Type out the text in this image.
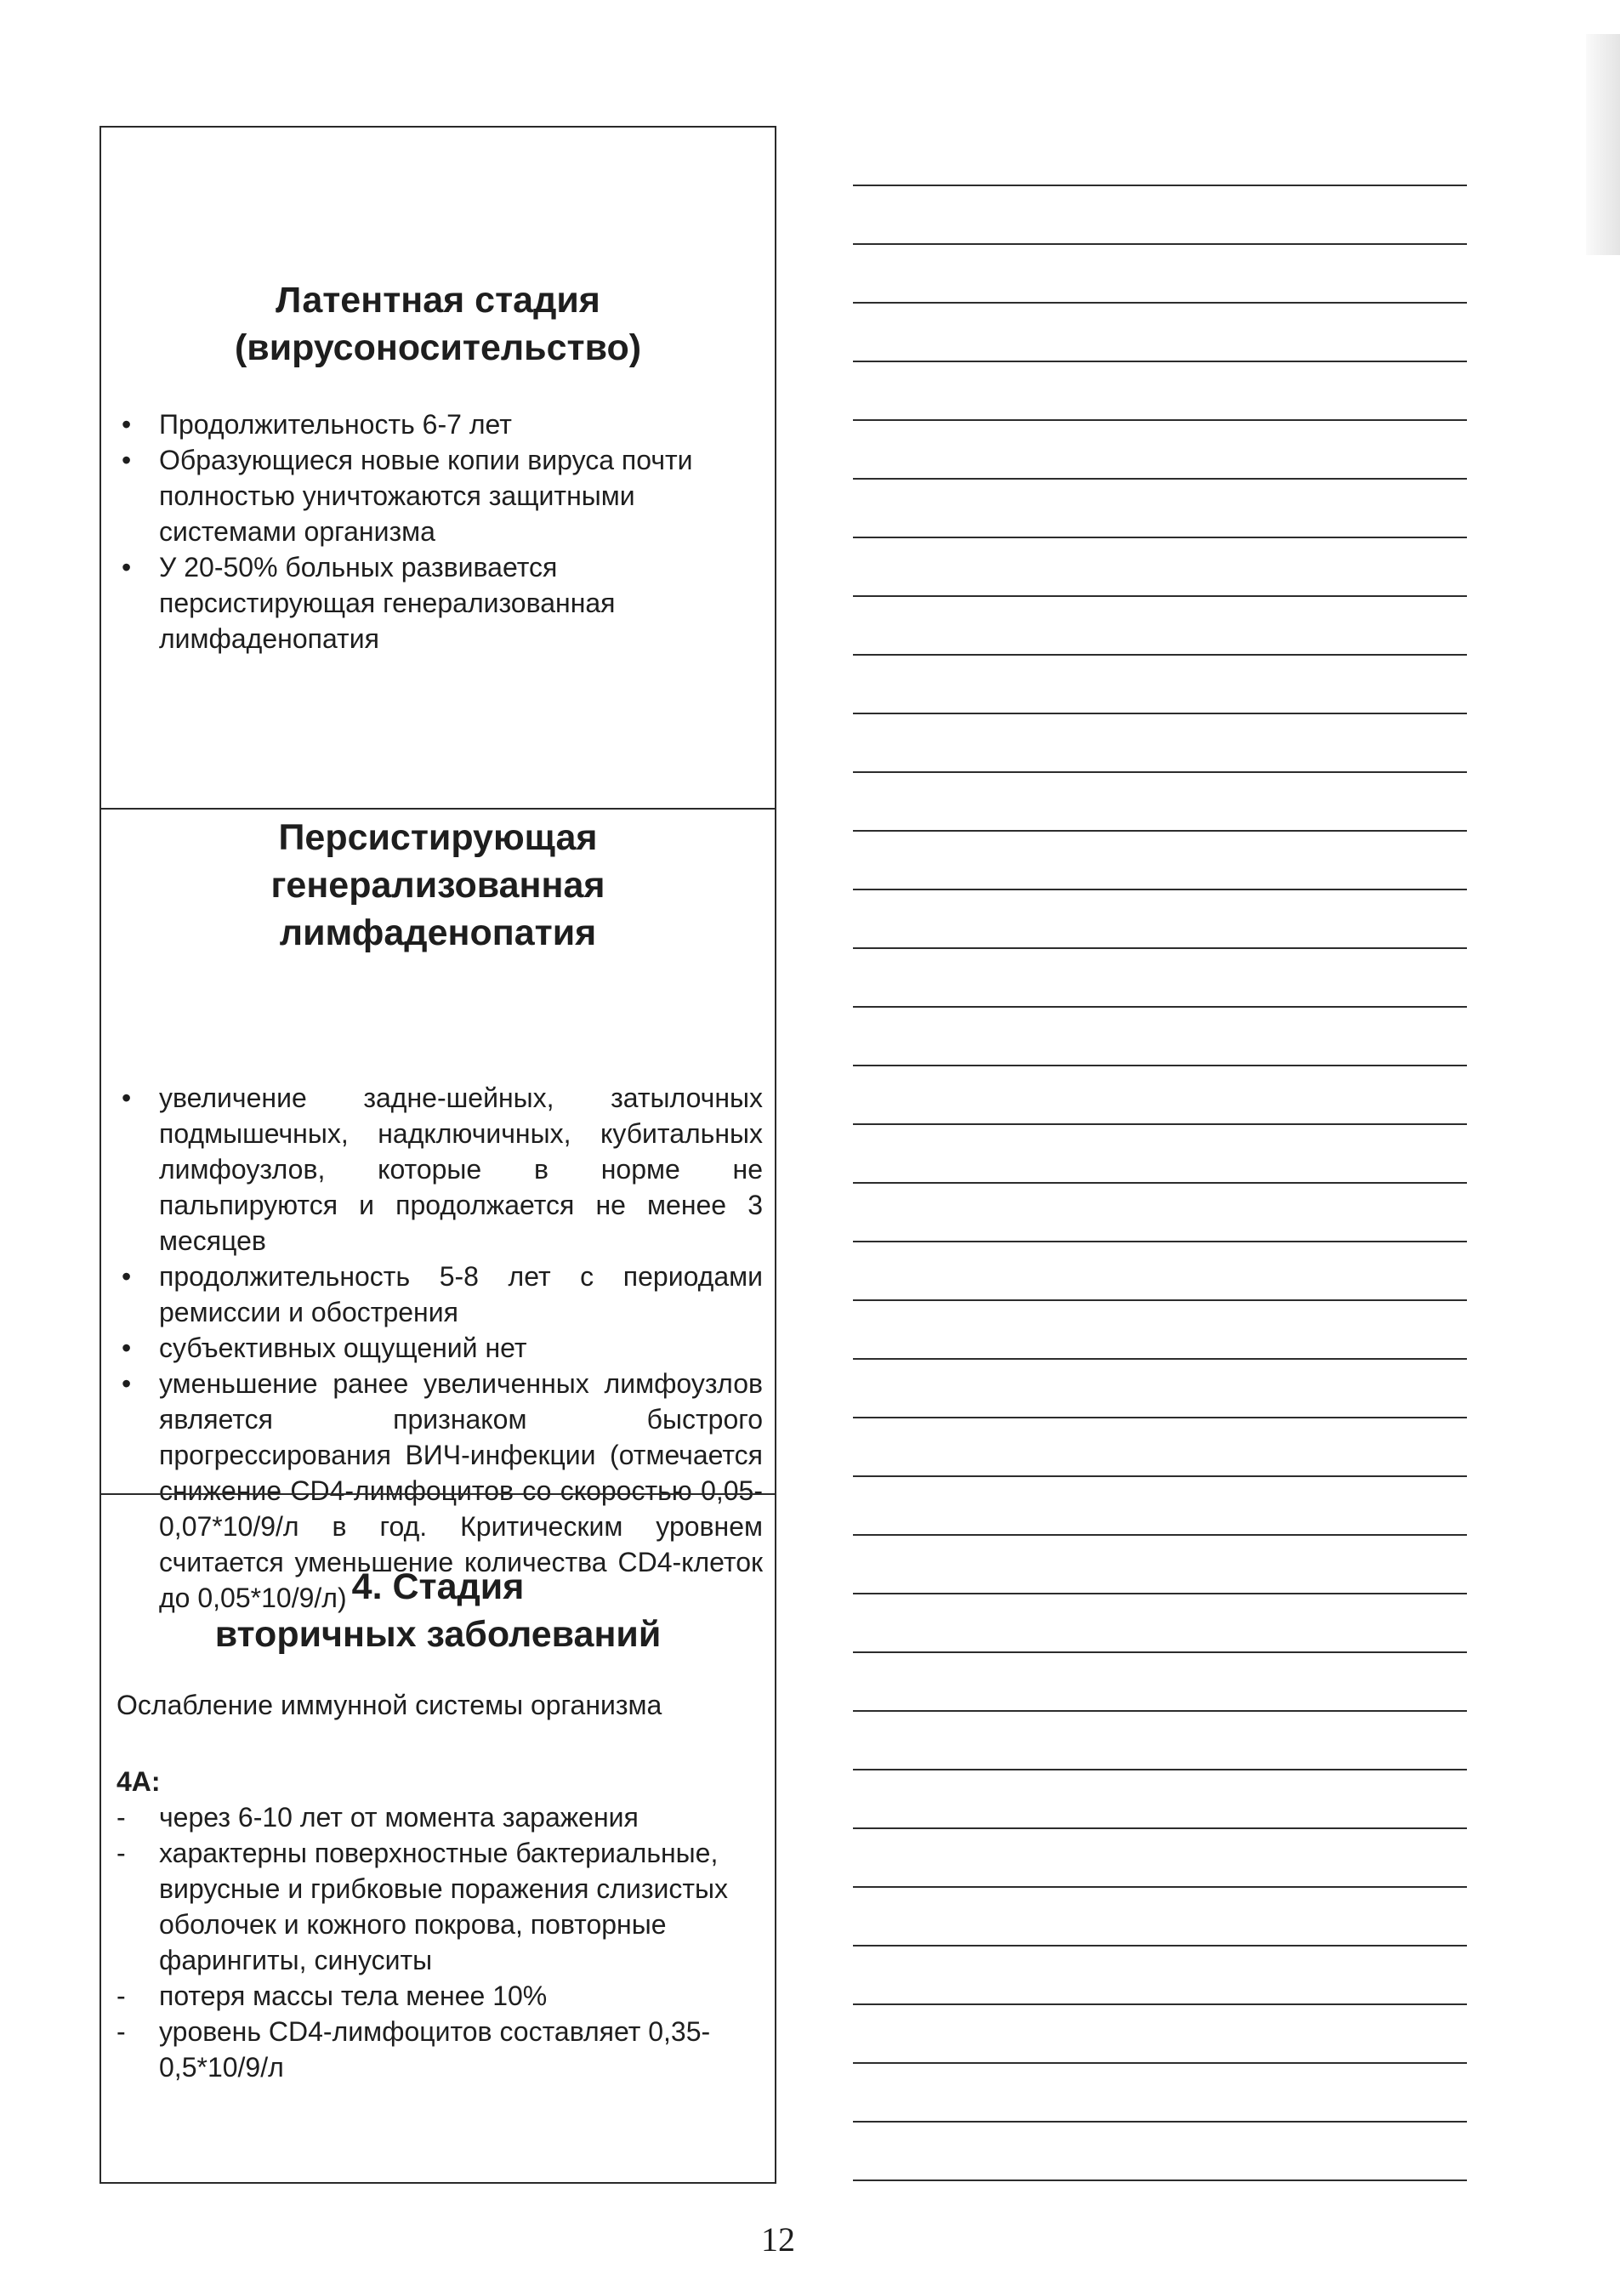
Латентная стадия
(вирусоносительство)
• Продолжительность 6-7 лет
• Образующиеся новые копии вируса почти полностью уничтожаются защитными системами организма
• У 20-50% больных развивается персистирующая генерализованная лимфаденопатия
Персистирующая
генерализованная
лимфаденопатия
• увеличение задне-шейных, затылочных подмышечных, надключичных, кубитальных лимфоузлов, которые в норме не пальпируются и продолжается не менее 3 месяцев
• продолжительность 5-8 лет с периодами ремиссии и обострения
• субъективных ощущений нет
• уменьшение ранее увеличенных лимфоузлов является признаком быстрого прогрессирования ВИЧ-инфекции (отмечается снижение CD4-лимфоцитов со скоростью 0,05-0,07*10/9/л в год. Критическим уровнем считается уменьшение количества CD4-клеток до 0,05*10/9/л) 4. Стадия
вторичных заболеваний
Ослабление иммунной системы организма
4А:
- через 6-10 лет от момента заражения
- характерны поверхностные бактериальные, вирусные и грибковые поражения слизистых оболочек и кожного покрова, повторные фарингиты, синуситы
- потеря массы тела менее 10%
- уровень CD4-лимфоцитов составляет 0,35-0,5*10/9/л
12
